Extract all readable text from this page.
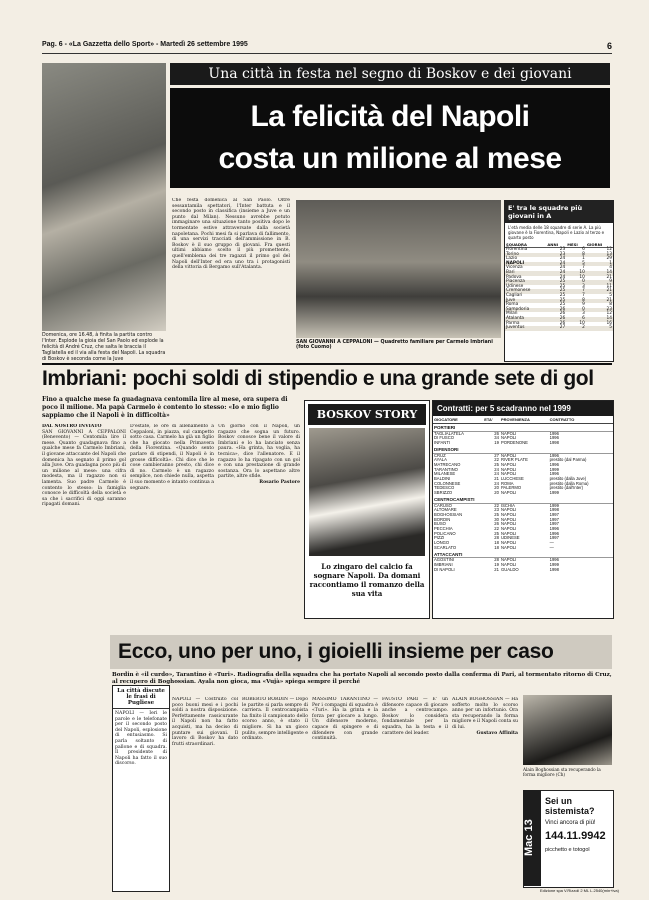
Pag. 6 - «La Gazzetta dello Sport» - Martedì 26 settembre 1995	6
Una città in festa nel segno di Boskov e dei giovani
La felicità del Napoli
costa un milione al mese
Domenica, ore 16.48, à finita la partita contro l'Inter. Esplode la gioia del San Paolo ed esplode la felicità di André Cruz, che salta le braccia il Tagliatella ed il via alla festa del Napoli. La squadra di Boskov è seconda come la Juve
Che festa domenica al San Paolo. Oltre sessantamila spettatori, l'Inter battuta e il secondo posto in classifica (insieme a Juve e un punto dal Milan). Nessuno avrebbe potuto immaginare una situazione tanto positiva dopo le tormentate estive attraversate dalla società napoletana. Pochi mesi fa si parlava di fallimento, di una servizi tracciati dell'ammissione in B. Boskov è il suo gruppo di giovani. Fra questi ultimi abbiamo scelto il più promettente, quell'emblema dei tre ragazzi il primo gol del Napoli dell'Inter ed era uno tra i protagonisti della vittoria di Bergamo sull'Atalanta.
SAN GIOVANNI A CEPPALONI — Quadretto familiare per Carmelo Imbriani (foto Cuomo)
E' tra le squadre più giovani in A
L'età media delle 18 squadre di serie A. La più giovane è la Fiorentina, Napoli e Lazio al terzo e quarto posto
SQUADRA	ANNI	MESI	GIORNI
Fiorentina	23	6	12
Torino	23	8	13
Lazio	24	1	29
NAPOLI	24	5	1
Vicenza	24	7	4
Bari	24	10	14
Padova	24	10	21
Piacenza	25	0	9
Udinese	25	3	11
Cremonese	25	7	21
Cagliari	25	7	5
Juve	25	8	21
Roma	25	9	8
Sampdoria	26	0	23
Milan	26	3	12
Atalanta	26	6	14
Parma	26	10	16
Juventus	27	2	5
Imbriani: pochi soldi di stipendio e una grande sete di gol
Fino a qualche mese fa guadagnava centomila lire al mese, ora supera di poco il milione. Ma papà Carmelo è contento lo stesso: «Io e mio figlio sappiamo che il Napoli è in difficoltà»
DAL NOSTRO INVIATO
SAN GIOVANNI A CEPPALONI (Benevento) — Centomila lire il mese. Quanto guadagnava fino a qualche mese fa Carmelo Imbriani, il giovane attaccante del Napoli che domenica ha segnato il primo gol alla Juve. Ora guadagna poco più di un milione al mese: una cifra modesta, ma il ragazzo non si lamenta. Suo padre Carmelo è contento lo stesso: la famiglia conosce le difficoltà della società e sa che i sacrifici di oggi saranno ripagati domani.
D'estate, le ore di allenamento a Ceppaloni, in piazza, sul campetto sotto casa. Carmelo ha già un figlio che ha giocato nella Primavera della Fiorentina. «Quando sento parlare di stipendi, il Napoli è in grosse difficoltà». Chi dice che le cose cambieranno presto, chi dice di no. Carmelo è un ragazzo semplice, non chiede nulla, aspetta il suo momento e intanto continua a segnare.
Un giorno con il Napoli, un ragazzo che sogna un futuro. Boskov conosce bene il valore di Imbriani e lo ha lanciato senza paura. «Ha grinta, ha voglia, ha tecnica», dice l'allenatore. E il ragazzo lo ha ripagato con un gol e con una prestazione di grande sostanza. Ora lo aspettano altre partite, altre sfide.
Rosario Pastore
BOSKOV STORY
Lo zingaro del calcio fa sognare Napoli. Da domani raccontiamo il romanzo della sua vita
Contratti: per 5 scadranno nel 1999
GIOCATORE	ETA'	PROVENIENZA	CONTRATTO
PORTIERI			
TAGLIALATELA	26	NAPOLI	1996
DI FUSCO	34	NAPOLI	1996
INFANTI	19	PORDENONE	1998
DIFENSORI			
CRUZ	27	NAPOLI	1996
AYALA	22	RIVER PLATE	prestito (dal Parma)
MATRECANO	25	NAPOLI	1996
TARANTINO	24	NAPOLI	1999
MILANESE	24	NAPOLI	1996
BALDINI	21	LUCCHESE	prestito (dalla Juve)
COLONNESE	24	ROMA	prestito (dalla Roma)
TEDESCO	20	PALERMO	prestito (dall'Inter)
SBRIZZO	20	NAPOLI	1999
CENTROCAMPISTI			
CARUSO	22	ISCHIA	1999
ALTOMARE	23	NAPOLI	1998
BOGHOSSIAN	25	NAPOLI	1997
BORDIN	30	NAPOLI	1997
BUSO	26	NAPOLI	1997
PECCHIA	22	NAPOLI	1996
POLICANO	25	NAPOLI	1996
PIZZI	28	UDINESE	1997
LONGO	18	NAPOLI	—
SCARLATO	18	NAPOLI	—
ATTACCANTI			
AGOSTINI	28	NAPOLI	1996
IMBRIANI	19	NAPOLI	1999
DI NAPOLI	21	GUALDO	1998
Ecco, uno per uno, i gioielli insieme per caso
Bordin è «il curdo», Tarantino è «Turi». Radiografia della squadra che ha portato Napoli al secondo posto dalla conferma di Pari, al tormentato ritorno di Cruz, al recupero di Boghossian. Ayala non gioca, ma «Vujà» spiega sempre il perché
La città discute le frasi di Pugliese
NAPOLI — Ieri le parole e le telefonate per il secondo posto del Napoli, esplosione di entusiasmo. Si parla soltanto di pallone e di squadra. Il presidente di Napoli ha fatto il suo discorso.
NAPOLI — Costruito col poco buoni mesi e i pochi soldi a nostra disposizione. Perfettamente rassicurante il Napoli non ha fatto acquisti, ma ha deciso di puntare sui giovani. Il lavoro di Boskov ha dato frutti straordinari.
ROBERTO BORDIN — Dopo le partite si parla sempre di carriera. Il centrocampista ha finito il campionato dello scorso anno, è stato il migliore. Si ha un gioco pulito, sempre intelligente e ordinato.
MASSIMO TARANTINO — Per i compagni di squadra è «Turi». Ha la grinta e la forza per giocare a lungo. Un difensore moderno, capace di spingere e di difendere con grande continuità.
FAUSTO PARI — E' un difensore capace di giocare anche a centrocampo. Boskov lo considera fondamentale per la squadra, ha la testa e il carattere del leader.
ALAIN BOGHOSSIAN — Ha sofferto molto lo scorso anno per un infortunio. Ora sta recuperando la forma migliore e il Napoli conta su di lui.
Gustavo Affinita
Alain Boghossian sta recuperando la forma migliore (Ch)
Mac 13
Sei un sistemista?
Vinci ancora di più!
144.11.9942
picchetto e totogol
Edizione spa V.Rizzoli 2 ML L.2540(min+iva)
